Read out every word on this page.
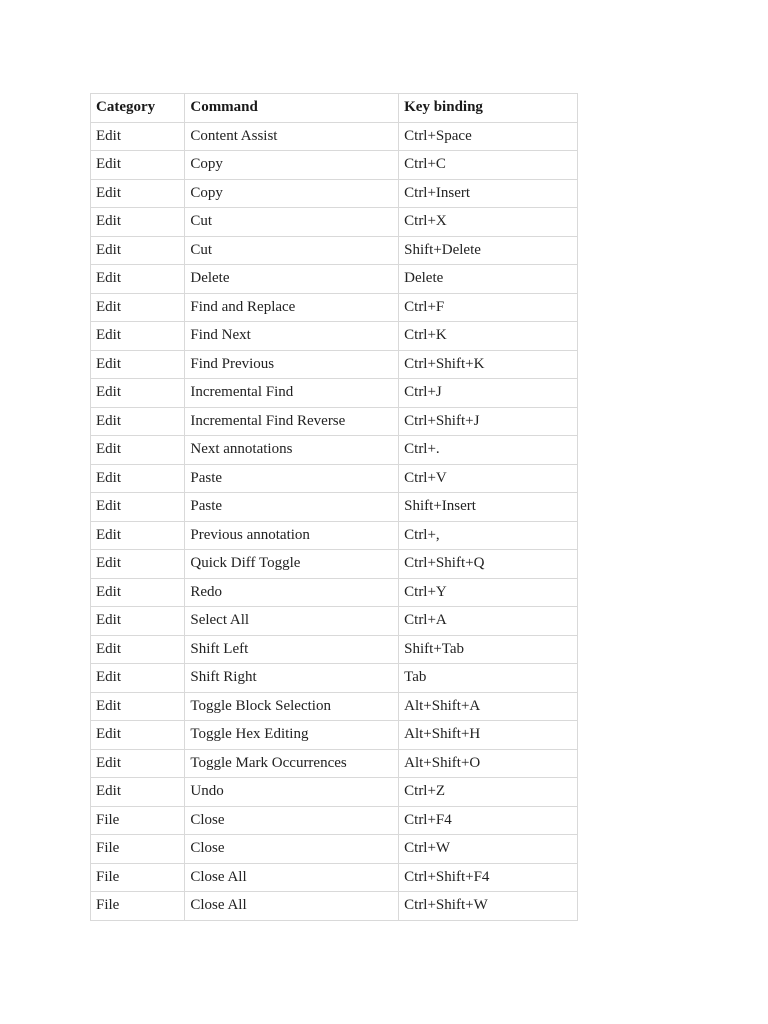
Category	Command	Key binding
Edit	Content Assist	Ctrl+Space
Edit	Copy	Ctrl+C
Edit	Copy	Ctrl+Insert
Edit	Cut	Ctrl+X
Edit	Cut	Shift+Delete
Edit	Delete	Delete
Edit	Find and Replace	Ctrl+F
Edit	Find Next	Ctrl+K
Edit	Find Previous	Ctrl+Shift+K
Edit	Incremental Find	Ctrl+J
Edit	Incremental Find Reverse	Ctrl+Shift+J
Edit	Next annotations	Ctrl+.
Edit	Paste	Ctrl+V
Edit	Paste	Shift+Insert
Edit	Previous annotation	Ctrl+,
Edit	Quick Diff Toggle	Ctrl+Shift+Q
Edit	Redo	Ctrl+Y
Edit	Select All	Ctrl+A
Edit	Shift Left	Shift+Tab
Edit	Shift Right	Tab
Edit	Toggle Block Selection	Alt+Shift+A
Edit	Toggle Hex Editing	Alt+Shift+H
Edit	Toggle Mark Occurrences	Alt+Shift+O
Edit	Undo	Ctrl+Z
File	Close	Ctrl+F4
File	Close	Ctrl+W
File	Close All	Ctrl+Shift+F4
File	Close All	Ctrl+Shift+W
